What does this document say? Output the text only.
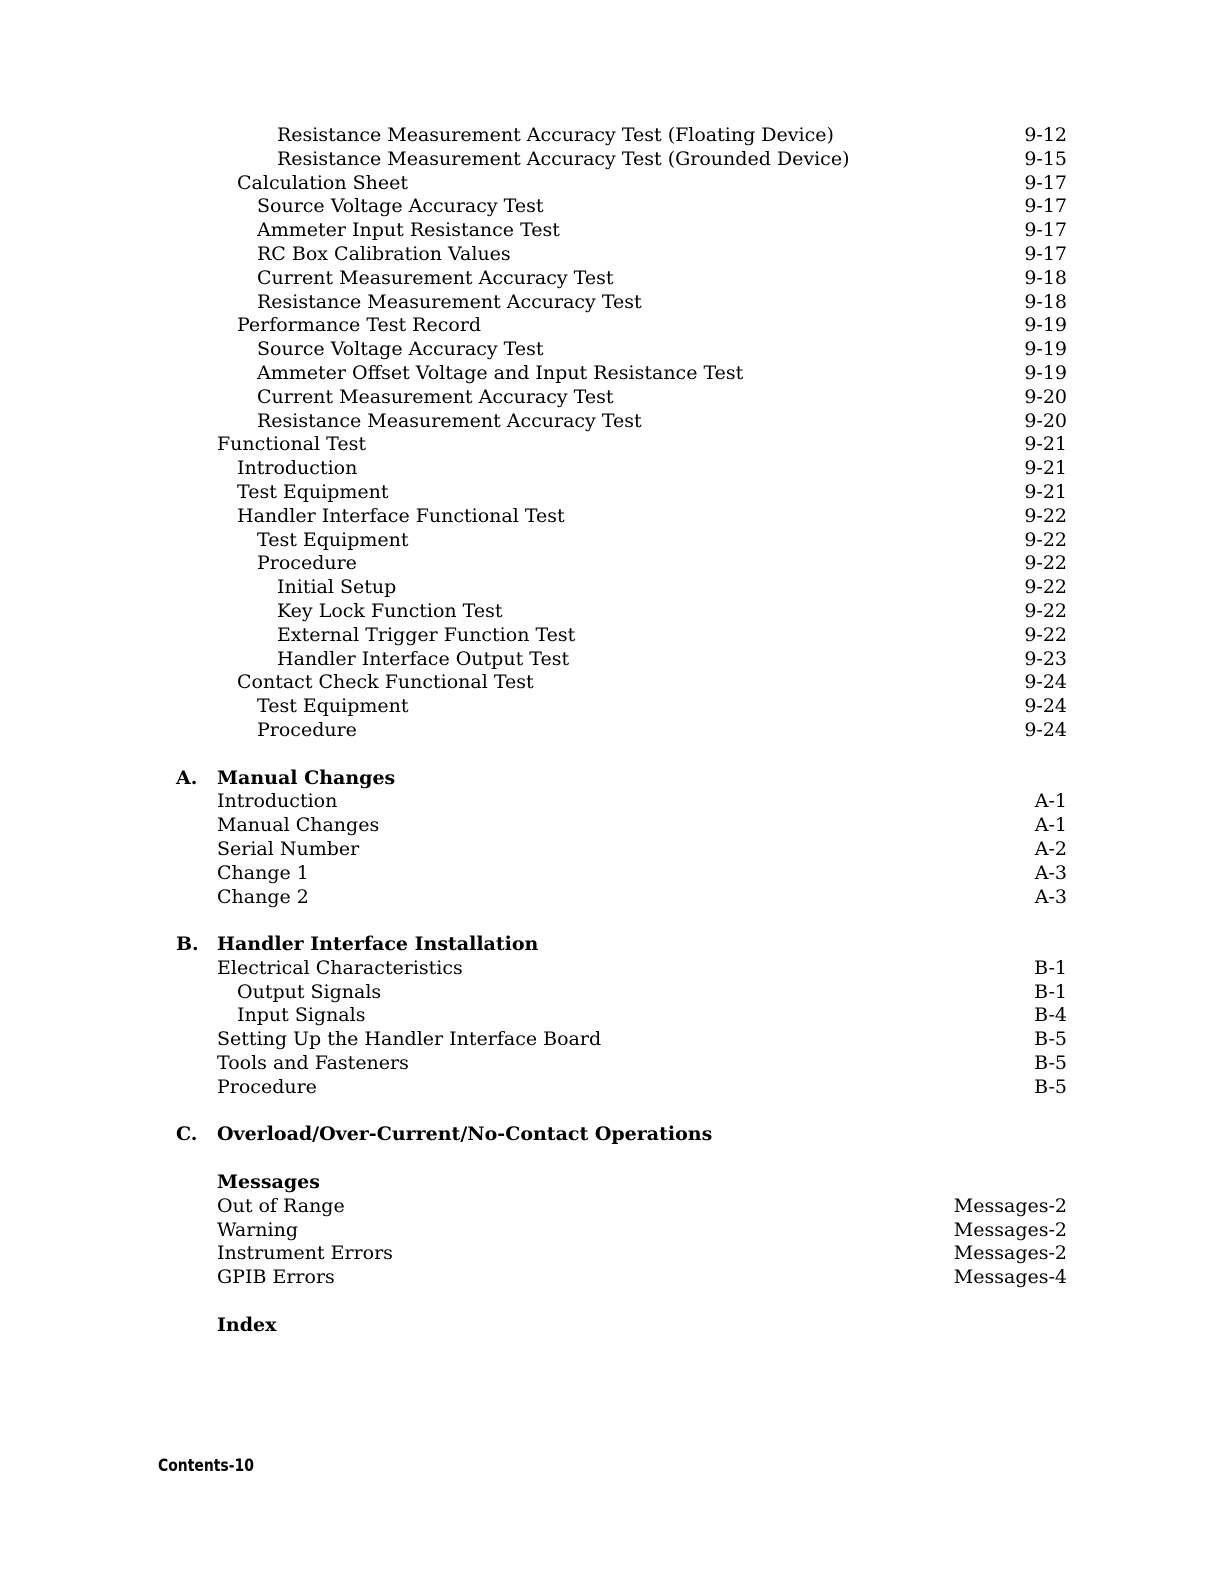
Resistance Measurement Accuracy Test (Floating Device)	9-12
Resistance Measurement Accuracy Test (Grounded Device)	9-15
Calculation Sheet	9-17
Source Voltage Accuracy Test	9-17
Ammeter Input Resistance Test	9-17
RC Box Calibration Values	9-17
Current Measurement Accuracy Test	9-18
Resistance Measurement Accuracy Test	9-18
Performance Test Record	9-19
Source Voltage Accuracy Test	9-19
Ammeter Offset Voltage and Input Resistance Test	9-19
Current Measurement Accuracy Test	9-20
Resistance Measurement Accuracy Test	9-20
Functional Test	9-21
Introduction	9-21
Test Equipment	9-21
Handler Interface Functional Test	9-22
Test Equipment	9-22
Procedure	9-22
Initial Setup	9-22
Key Lock Function Test	9-22
External Trigger Function Test	9-22
Handler Interface Output Test	9-23
Contact Check Functional Test	9-24
Test Equipment	9-24
Procedure	9-24
A. Manual Changes
Introduction	A-1
Manual Changes	A-1
Serial Number	A-2
Change 1	A-3
Change 2	A-3
B. Handler Interface Installation
Electrical Characteristics	B-1
Output Signals	B-1
Input Signals	B-4
Setting Up the Handler Interface Board	B-5
Tools and Fasteners	B-5
Procedure	B-5
C. Overload/Over-Current/No-Contact Operations
Messages
Out of Range	Messages-2
Warning	Messages-2
Instrument Errors	Messages-2
GPIB Errors	Messages-4
Index
Contents-10
